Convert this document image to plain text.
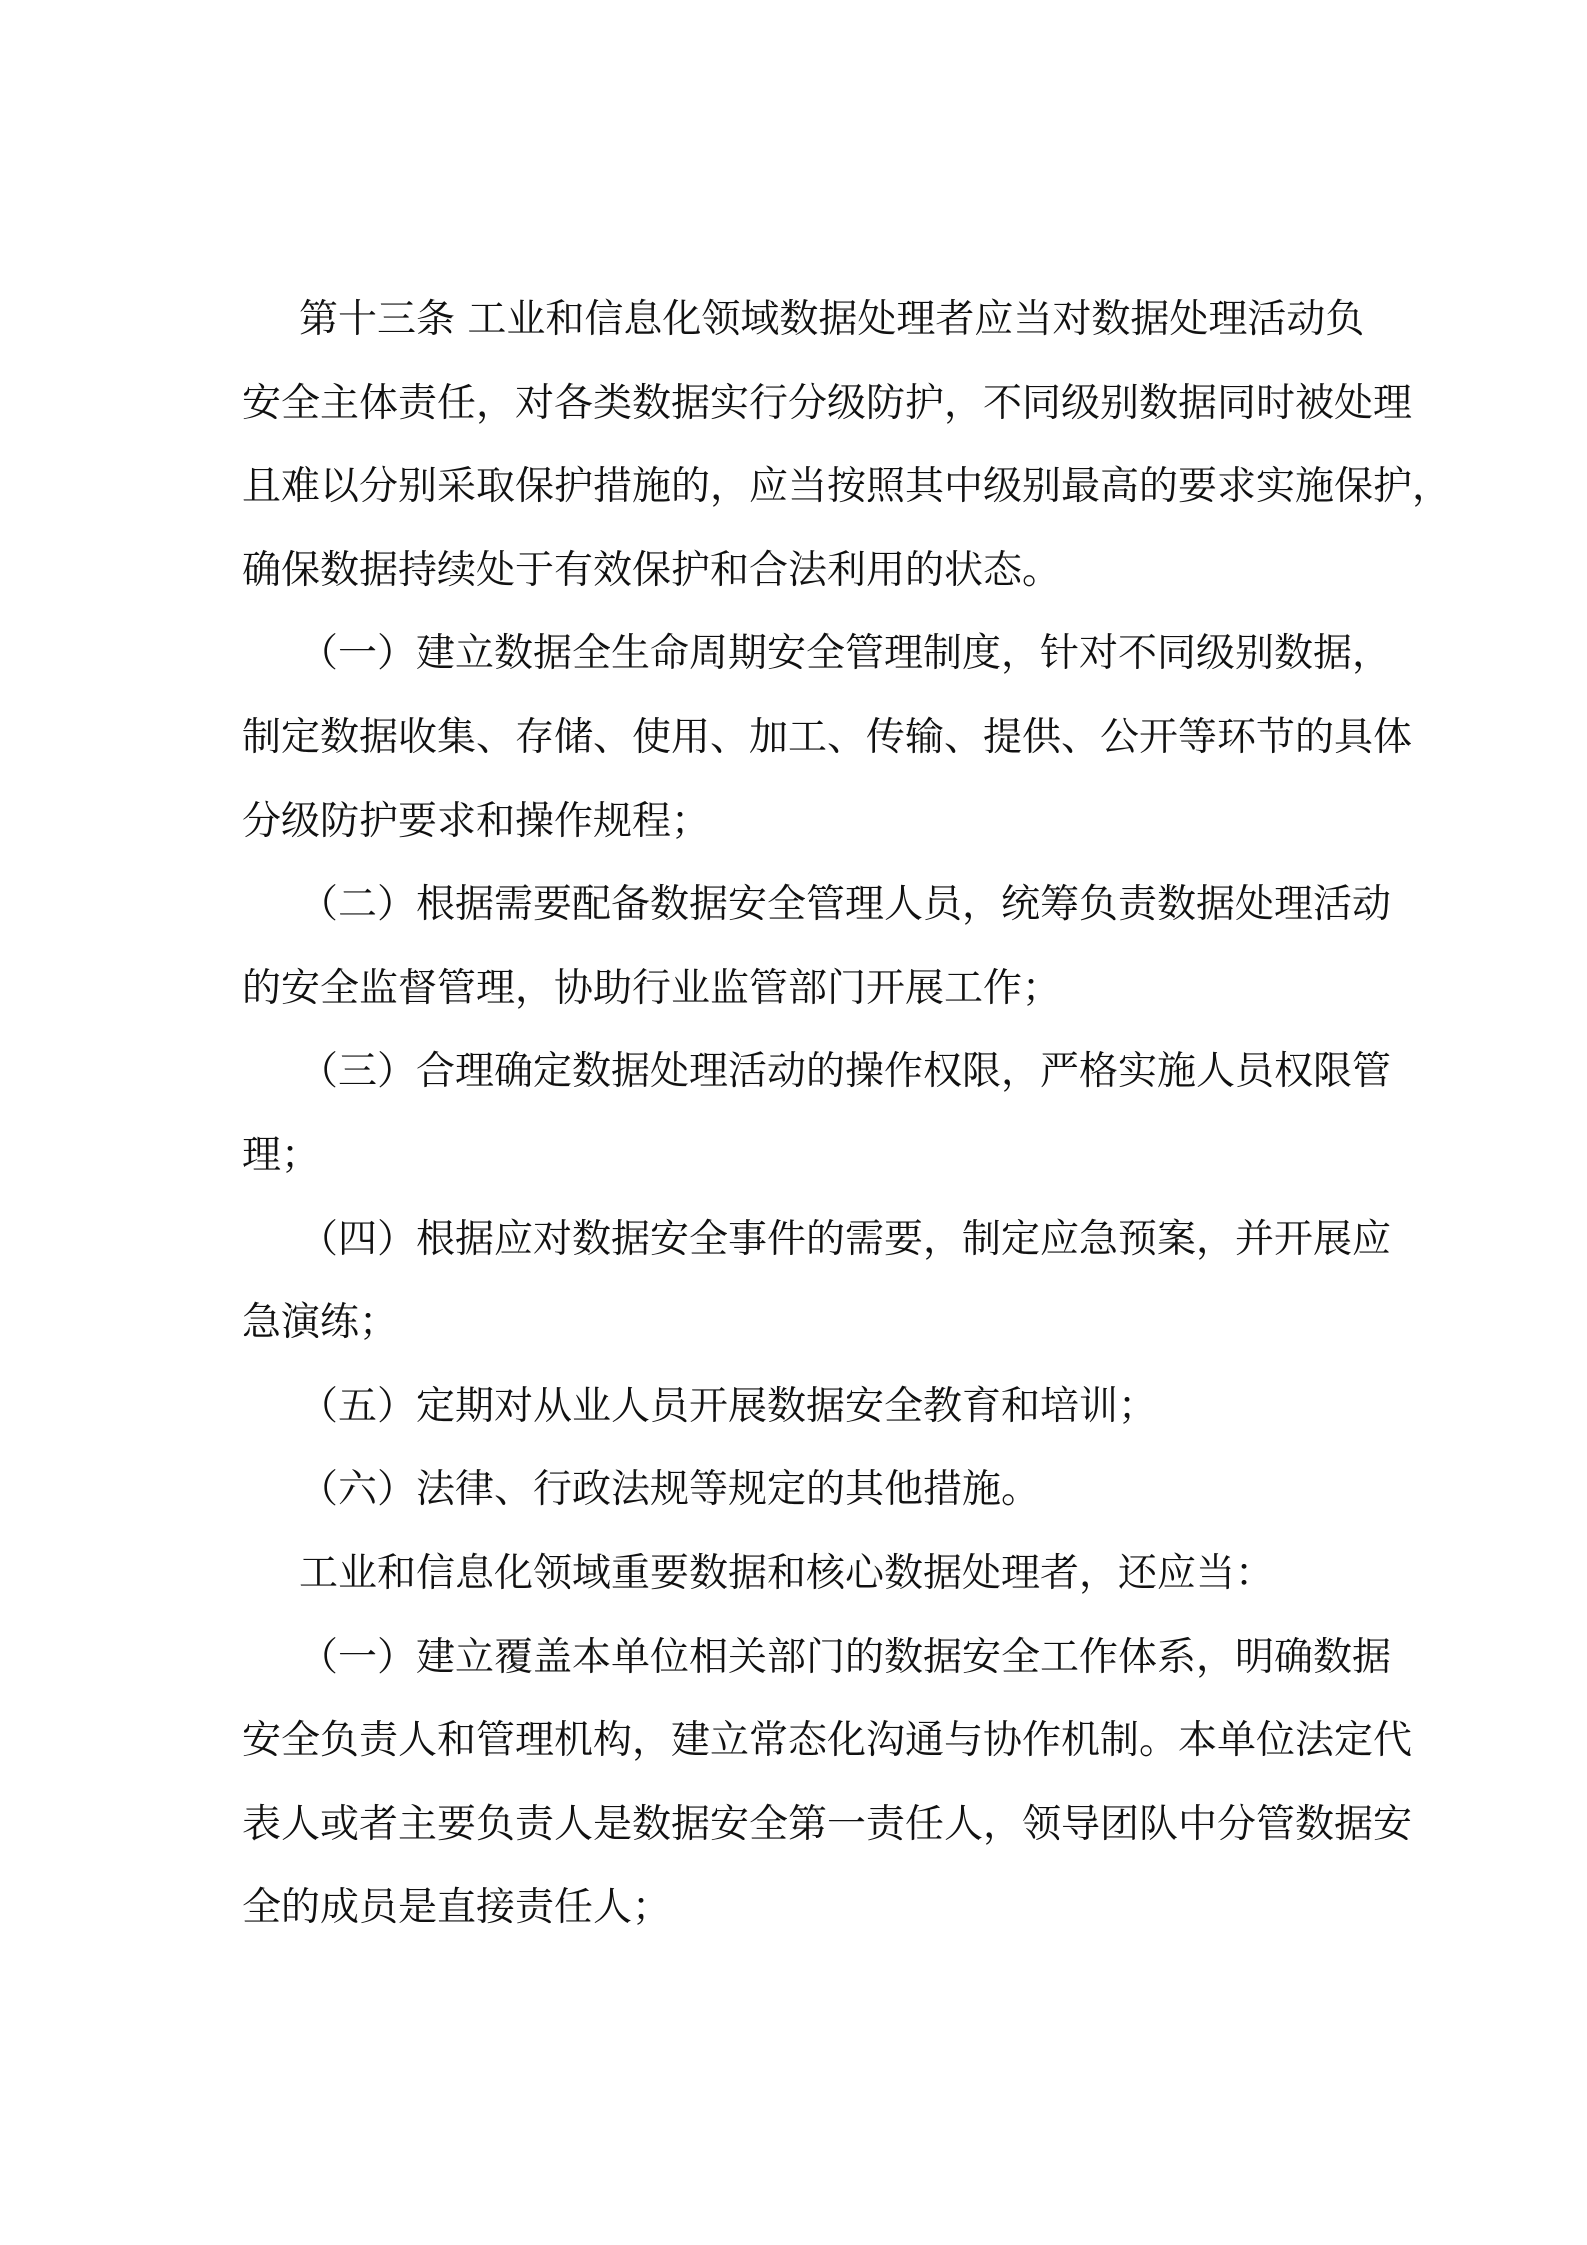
第十三条 工业和信息化领域数据处理者应当对数据处理活动负
安全主体责任，对各类数据实行分级防护，不同级别数据同时被处理
且难以分别采取保护措施的，应当按照其中级别最高的要求实施保护，
确保数据持续处于有效保护和合法利用的状态。
（一）建立数据全生命周期安全管理制度，针对不同级别数据，
制定数据收集、存储、使用、加工、传输、提供、公开等环节的具体
分级防护要求和操作规程；
（二）根据需要配备数据安全管理人员，统筹负责数据处理活动
的安全监督管理，协助行业监管部门开展工作；
（三）合理确定数据处理活动的操作权限，严格实施人员权限管
理；
（四）根据应对数据安全事件的需要，制定应急预案，并开展应
急演练；
（五）定期对从业人员开展数据安全教育和培训；
（六）法律、行政法规等规定的其他措施。
工业和信息化领域重要数据和核心数据处理者，还应当：
（一）建立覆盖本单位相关部门的数据安全工作体系，明确数据
安全负责人和管理机构，建立常态化沟通与协作机制。本单位法定代
表人或者主要负责人是数据安全第一责任人，领导团队中分管数据安
全的成员是直接责任人；
